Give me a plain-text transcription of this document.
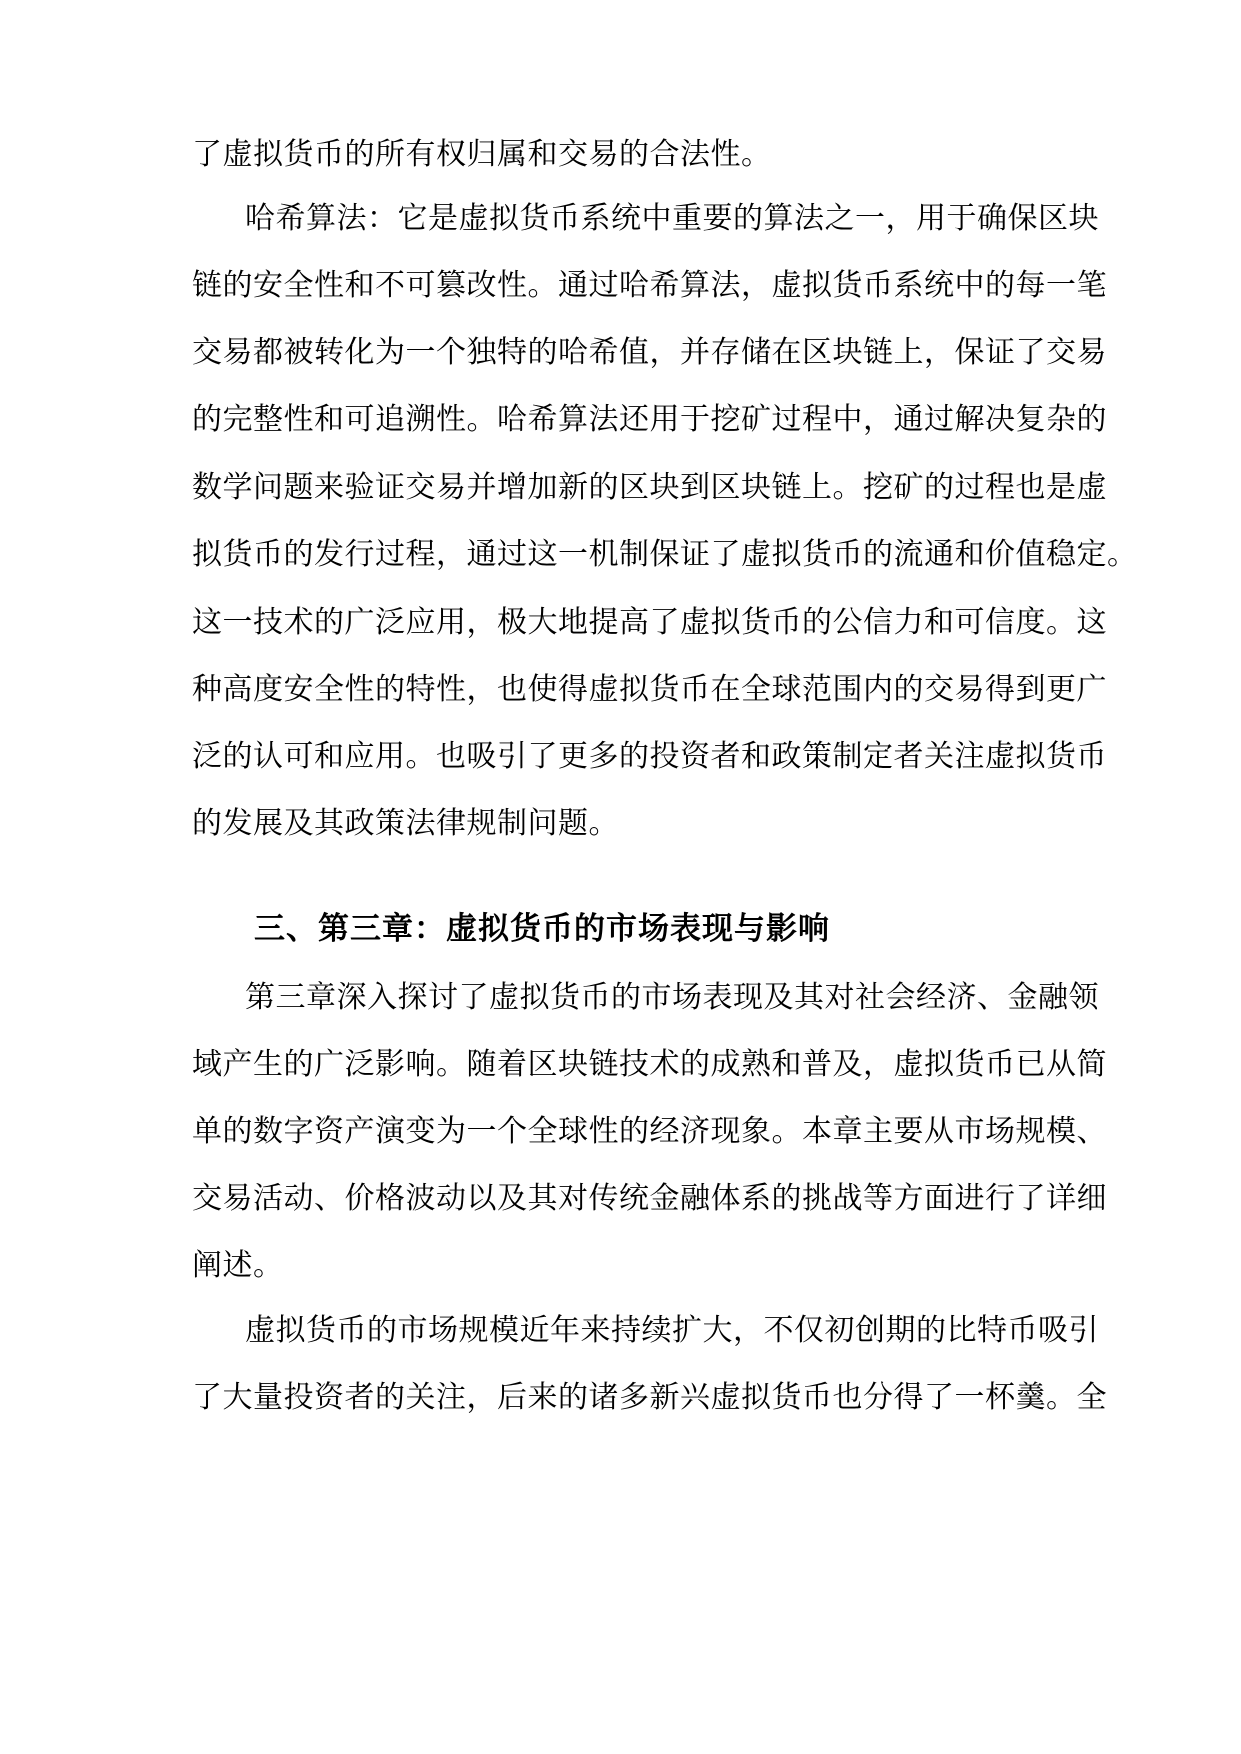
了虚拟货币的所有权归属和交易的合法性。
哈希算法：它是虚拟货币系统中重要的算法之一，用于确保区块
链的安全性和不可篡改性。通过哈希算法，虚拟货币系统中的每一笔
交易都被转化为一个独特的哈希值，并存储在区块链上，保证了交易
的完整性和可追溯性。哈希算法还用于挖矿过程中，通过解决复杂的
数学问题来验证交易并增加新的区块到区块链上。挖矿的过程也是虚
拟货币的发行过程，通过这一机制保证了虚拟货币的流通和价值稳定。
这一技术的广泛应用，极大地提高了虚拟货币的公信力和可信度。这
种高度安全性的特性，也使得虚拟货币在全球范围内的交易得到更广
泛的认可和应用。也吸引了更多的投资者和政策制定者关注虚拟货币
的发展及其政策法律规制问题。
三、第三章：虚拟货币的市场表现与影响
第三章深入探讨了虚拟货币的市场表现及其对社会经济、金融领
域产生的广泛影响。随着区块链技术的成熟和普及，虚拟货币已从简
单的数字资产演变为一个全球性的经济现象。本章主要从市场规模、
交易活动、价格波动以及其对传统金融体系的挑战等方面进行了详细
阐述。
虚拟货币的市场规模近年来持续扩大，不仅初创期的比特币吸引
了大量投资者的关注，后来的诸多新兴虚拟货币也分得了一杯羹。全
